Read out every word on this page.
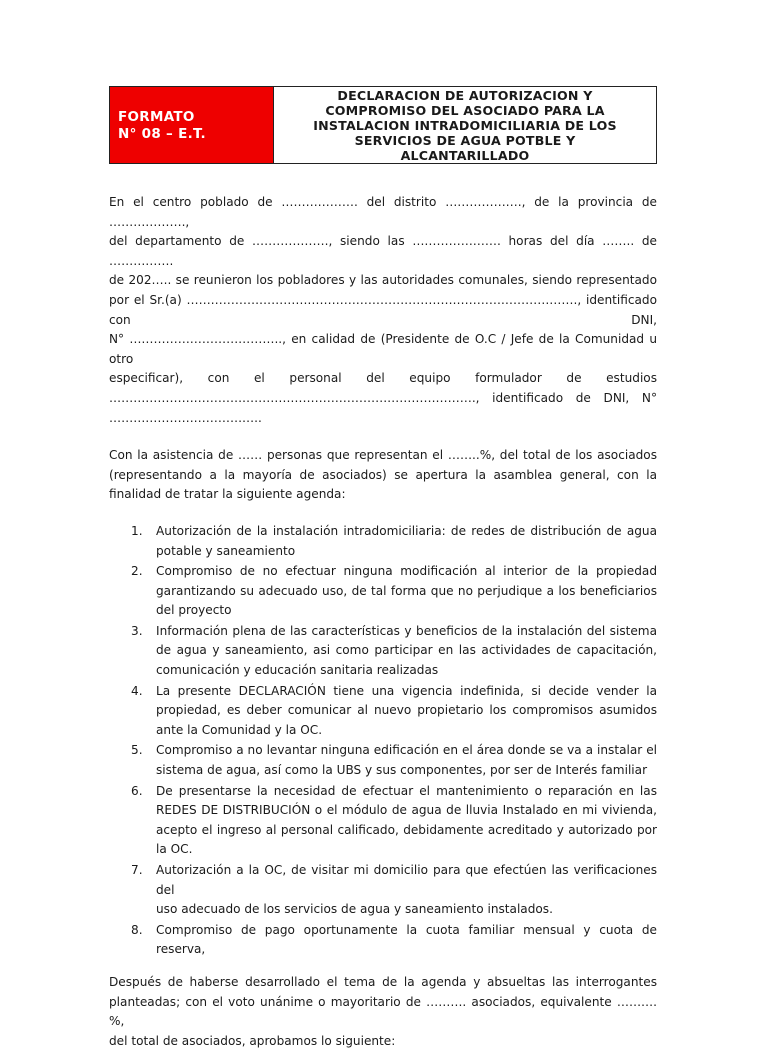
FORMATO
N° 08 – E.T.
DECLARACION DE AUTORIZACION Y
COMPROMISO DEL ASOCIADO PARA LA
INSTALACION INTRADOMICILIARIA DE LOS
SERVICIOS DE AGUA POTBLE Y
ALCANTARILLADO
En el centro poblado de ………………. del distrito ………………., de la provincia de ……………….,
del departamento de ………………., siendo las …………………. horas del día …….. de …………….
de 202….. se reunieron los pobladores y las autoridades comunales, siendo representado
por el Sr.(a) ……………………………………………………………………………………., identificado con DNI,
N° ……………………………….., en calidad de (Presidente de O.C / Jefe de la Comunidad u otro
especificar), con el personal del equipo formulador de estudios
………………………………………………………………………………., identificado de DNI, N°
………………………………..
Con la asistencia de …… personas que representan el ……..%, del total de los asociados
(representando a la mayoría de asociados) se apertura la asamblea general, con la
finalidad de tratar la siguiente agenda:
1.	Autorización de la instalación intradomiciliaria: de redes de distribución de agua
potable y saneamiento
2.	Compromiso de no efectuar ninguna modificación al interior de la propiedad
garantizando su adecuado uso, de tal forma que no perjudique a los beneficiarios
del proyecto
3.	Información plena de las características y beneficios de la instalación del sistema
de agua y saneamiento, asi como participar en las actividades de capacitación,
comunicación y educación sanitaria realizadas
4.	La presente DECLARACIÓN tiene una vigencia indefinida, si decide vender la
propiedad, es deber comunicar al nuevo propietario los compromisos asumidos
ante la Comunidad y la OC.
5.	Compromiso a no levantar ninguna edificación en el área donde se va a instalar el
sistema de agua, así como la UBS y sus componentes, por ser de Interés familiar
6.	De presentarse la necesidad de efectuar el mantenimiento o reparación en las
REDES DE DISTRIBUCIÓN o el módulo de agua de lluvia Instalado en mi vivienda,
acepto el ingreso al personal calificado, debidamente acreditado y autorizado por
la OC.
7.	Autorización a la OC, de visitar mi domicilio para que efectúen las verificaciones del
uso adecuado de los servicios de agua y saneamiento instalados.
8.	Compromiso de pago oportunamente la cuota familiar mensual y cuota de reserva,
Después de haberse desarrollado el tema de la agenda y absueltas las interrogantes
planteadas; con el voto unánime o mayoritario de ………. asociados, equivalente ………. %,
del total de asociados, aprobamos lo siguiente:
